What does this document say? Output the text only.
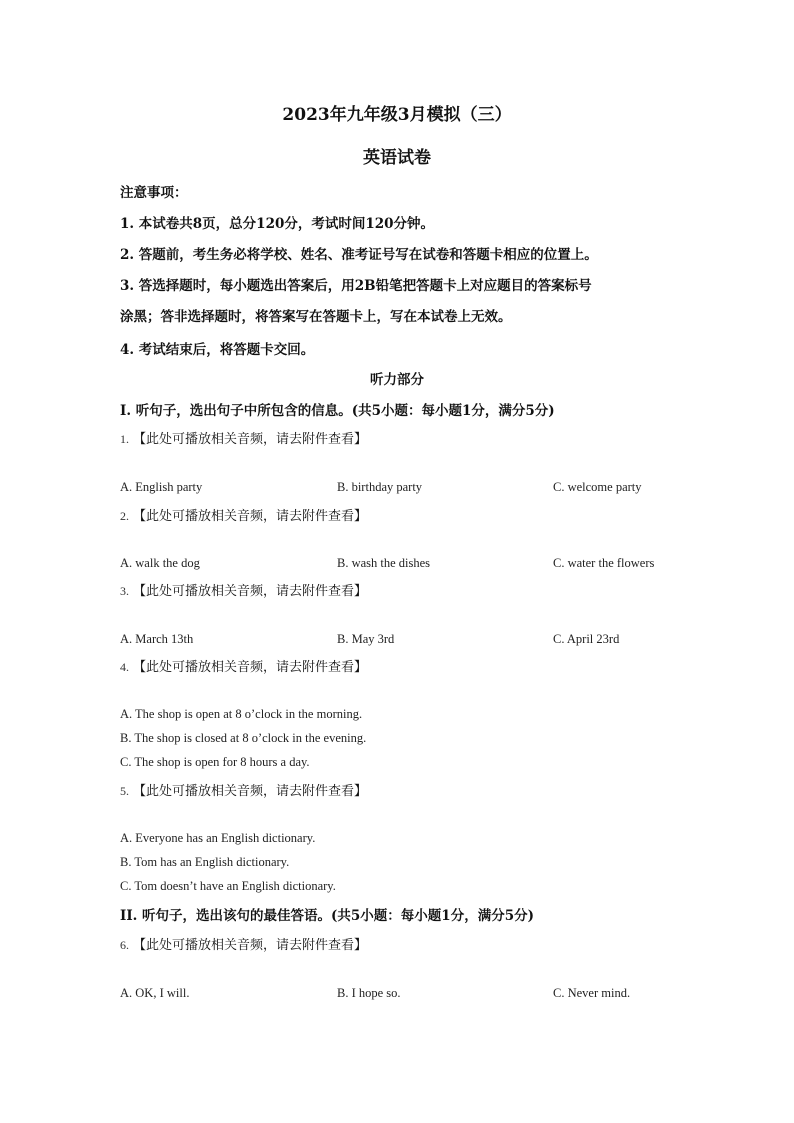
2023年九年级3月模拟（三）
英语试卷
注意事项：
1. 本试卷共8页，总分120分，考试时间120分钟。
2. 答题前，考生务必将学校、姓名、准考证号写在试卷和答题卡相应的位置上。
3. 答选择题时，每小题选出答案后，用2B铅笔把答题卡上对应题目的答案标号
涂黑；答非选择题时，将答案写在答题卡上，写在本试卷上无效。
4. 考试结束后，将答题卡交回。
听力部分
I. 听句子，选出句子中所包含的信息。(共5小题：每小题1分，满分5分)
1. 【此处可播放相关音频，请去附件查看】
A. English party	B. birthday party	C. welcome party
2. 【此处可播放相关音频，请去附件查看】
A. walk the dog	B. wash the dishes	C. water the flowers
3. 【此处可播放相关音频，请去附件查看】
A. March 13th	B. May 3rd	C. April 23rd
4. 【此处可播放相关音频，请去附件查看】
A. The shop is open at 8 o’clock in the morning.
B. The shop is closed at 8 o’clock in the evening.
C. The shop is open for 8 hours a day.
5. 【此处可播放相关音频，请去附件查看】
A. Everyone has an English dictionary.
B. Tom has an English dictionary.
C. Tom doesn’t have an English dictionary.
II. 听句子，选出该句的最佳答语。(共5小题：每小题1分，满分5分)
6. 【此处可播放相关音频，请去附件查看】
A. OK, I will.	B. I hope so.	C. Never mind.
